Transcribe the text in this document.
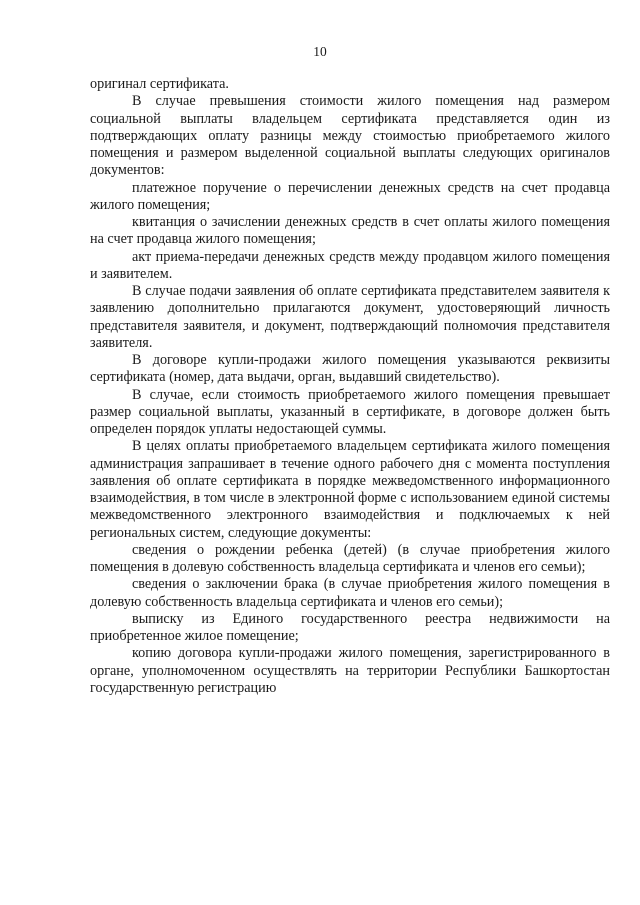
10

оригинал сертификата.

В случае превышения стоимости жилого помещения над размером социальной выплаты владельцем сертификата представляется один из подтверждающих оплату разницы между стоимостью приобретаемого жилого помещения и размером выделенной социальной выплаты следующих оригиналов документов:

платежное поручение о перечислении денежных средств на счет продавца жилого помещения;

квитанция о зачислении денежных средств в счет оплаты жилого помещения на счет продавца жилого помещения;

акт приема-передачи денежных средств между продавцом жилого помещения и заявителем.

В случае подачи заявления об оплате сертификата представителем заявителя к заявлению дополнительно прилагаются документ, удостоверяющий личность представителя заявителя, и документ, подтверждающий полномочия представителя заявителя.

В договоре купли-продажи жилого помещения указываются реквизиты сертификата (номер, дата выдачи, орган, выдавший свидетельство).

В случае, если стоимость приобретаемого жилого помещения превышает размер социальной выплаты, указанный в сертификате, в договоре должен быть определен порядок уплаты недостающей суммы.

В целях оплаты приобретаемого владельцем сертификата жилого помещения администрация запрашивает в течение одного рабочего дня с момента поступления заявления об оплате сертификата в порядке межведомственного информационного взаимодействия, в том числе в электронной форме с использованием единой системы межведомственного электронного взаимодействия и подключаемых к ней региональных систем, следующие документы:

сведения о рождении ребенка (детей) (в случае приобретения жилого помещения в долевую собственность владельца сертификата и членов его семьи);

сведения о заключении брака (в случае приобретения жилого помещения в долевую собственность владельца сертификата и членов его семьи);

выписку из Единого государственного реестра недвижимости на приобретенное жилое помещение;

копию договора купли-продажи жилого помещения, зарегистрированного в органе, уполномоченном осуществлять на территории Республики Башкортостан государственную регистрацию
